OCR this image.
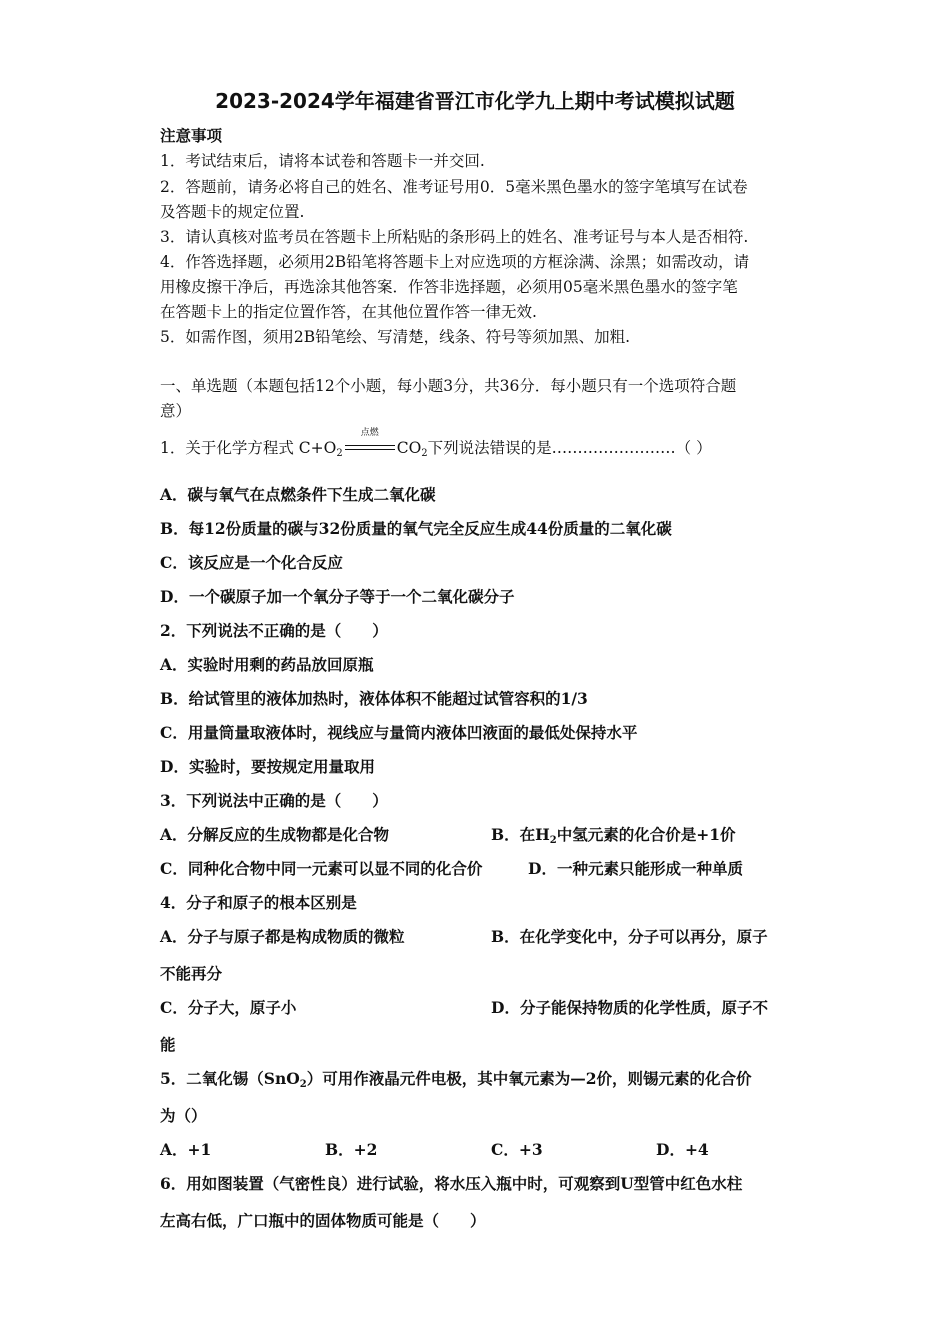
2023-2024学年福建省晋江市化学九上期中考试模拟试题
注意事项
1．考试结束后，请将本试卷和答题卡一并交回.
2．答题前，请务必将自己的姓名、准考证号用0．5毫米黑色墨水的签字笔填写在试卷
及答题卡的规定位置.
3．请认真核对监考员在答题卡上所粘贴的条形码上的姓名、准考证号与本人是否相符.
4．作答选择题，必须用2B铅笔将答题卡上对应选项的方框涂满、涂黑；如需改动，请
用橡皮擦干净后，再选涂其他答案．作答非选择题，必须用05毫米黑色墨水的签字笔
在答题卡上的指定位置作答，在其他位置作答一律无效.
5．如需作图，须用2B铅笔绘、写清楚，线条、符号等须加黑、加粗.
一、单选题（本题包括12个小题，每小题3分，共36分．每小题只有一个选项符合题
意）
1．关于化学方程式 $C+O_2$
点燃
$CO_2$下列说法错误的是……………………（ ）
A．碳与氧气在点燃条件下生成二氧化碳
B．每12份质量的碳与32份质量的氧气完全反应生成44份质量的二氧化碳
C．该反应是一个化合反应
D．一个碳原子加一个氧分子等于一个二氧化碳分子
2．下列说法不正确的是（　　）
A．实验时用剩的药品放回原瓶
B．给试管里的液体加热时，液体体积不能超过试管容积的1/3
C．用量筒量取液体时，视线应与量筒内液体凹液面的最低处保持水平
D．实验时，要按规定用量取用
3．下列说法中正确的是（　　）
A．分解反应的生成物都是化合物	B．在$H_2$中氢元素的化合价是+1价
C．同种化合物中同一元素可以显不同的化合价	D．一种元素只能形成一种单质
4．分子和原子的根本区别是
A．分子与原子都是构成物质的微粒	B．在化学变化中，分子可以再分，原子
不能再分
C．分子大，原子小	D．分子能保持物质的化学性质，原子不
能
5．二氧化锡（SnO$_2$）可用作液晶元件电极，其中氧元素为—2价，则锡元素的化合价
为（）
A．+1	B．+2	C．+3	D．+4
6．用如图装置（气密性良）进行试验，将水压入瓶中时，可观察到U型管中红色水柱
左高右低，广口瓶中的固体物质可能是（　　）
